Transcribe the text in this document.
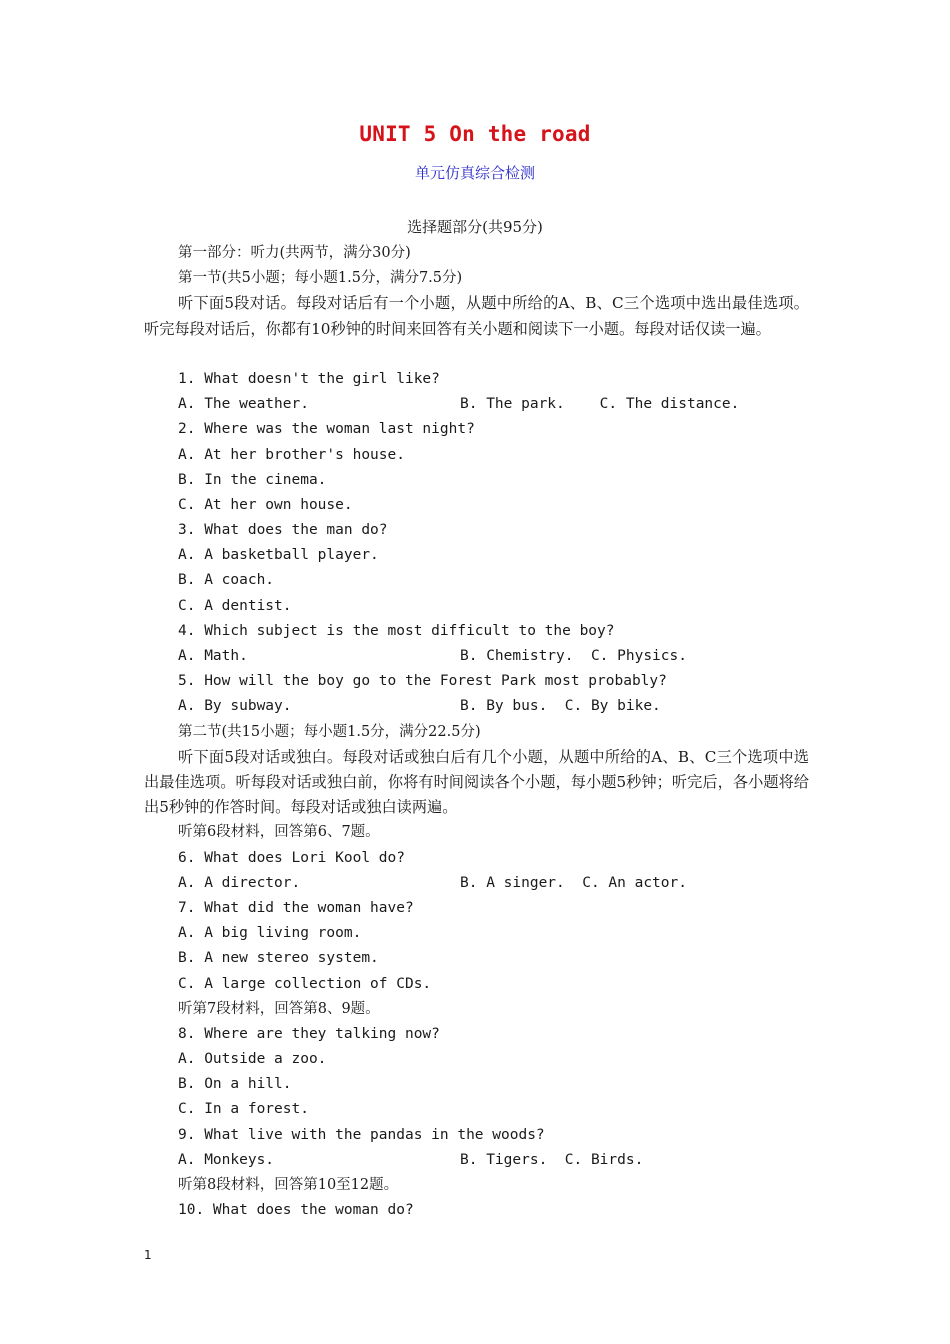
UNIT 5 On the road
单元仿真综合检测
选择题部分(共95分)
第一部分：听力(共两节，满分30分)
第一节(共5小题；每小题1.5分，满分7.5分)
听下面5段对话。每段对话后有一个小题，从题中所给的A、B、C三个选项中选出最佳选项。听完每段对话后，你都有10秒钟的时间来回答有关小题和阅读下一小题。每段对话仅读一遍。
1. What doesn't the girl like?
A. The weather.	B. The park.    C. The distance.
2. Where was the woman last night?
A. At her brother's house.
B. In the cinema.
C. At her own house.
3. What does the man do?
A. A basketball player.
B. A coach.
C. A dentist.
4. Which subject is the most difficult to the boy?
A. Math.	B. Chemistry.  C. Physics.
5. How will the boy go to the Forest Park most probably?
A. By subway.	B. By bus.  C. By bike.
第二节(共15小题；每小题1.5分，满分22.5分)
听下面5段对话或独白。每段对话或独白后有几个小题，从题中所给的A、B、C三个选项中选出最佳选项。听每段对话或独白前，你将有时间阅读各个小题，每小题5秒钟；听完后，各小题将给出5秒钟的作答时间。每段对话或独白读两遍。
听第6段材料，回答第6、7题。
6. What does Lori Kool do?
A. A director.	B. A singer.  C. An actor.
7. What did the woman have?
A. A big living room.
B. A new stereo system.
C. A large collection of CDs.
听第7段材料，回答第8、9题。
8. Where are they talking now?
A. Outside a zoo.
B. On a hill.
C. In a forest.
9. What live with the pandas in the woods?
A. Monkeys.	B. Tigers.  C. Birds.
听第8段材料，回答第10至12题。
10. What does the woman do?
1
